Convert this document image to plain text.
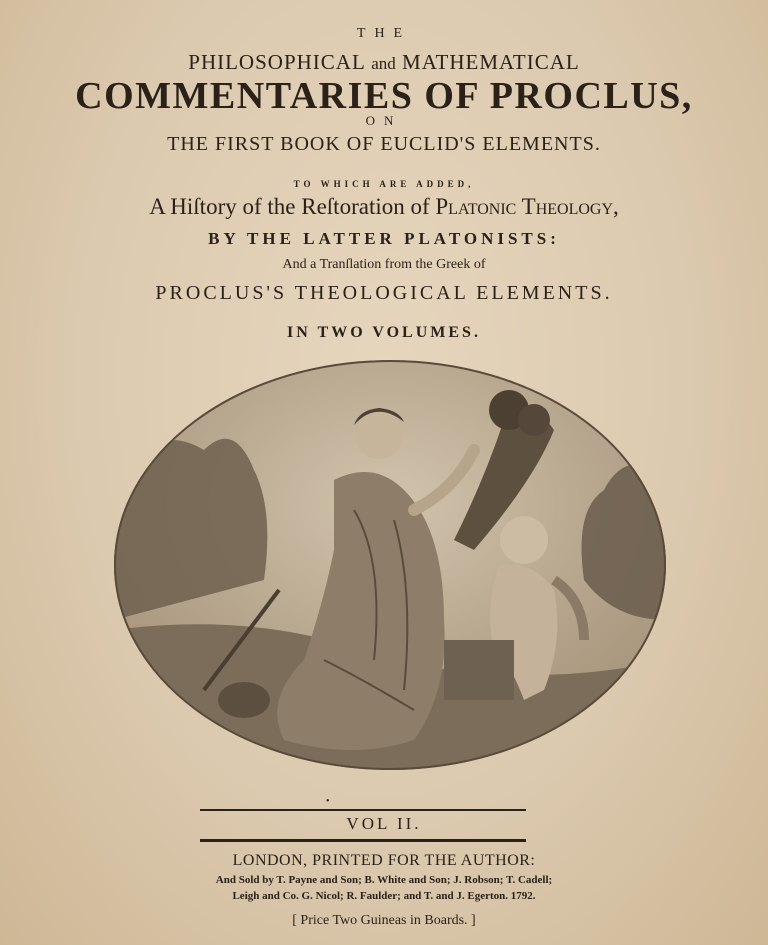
THE
PHILOSOPHICAL and MATHEMATICAL
COMMENTARIES OF PROCLUS,
ON
THE FIRST BOOK OF EUCLID'S ELEMENTS.
TO WHICH ARE ADDED,
A Hiſtory of the Reſtoration of Platonic Theology,
BY THE LATTER PLATONISTS:
And a Tranſlation from the Greek of
PROCLUS'S THEOLOGICAL ELEMENTS.
IN TWO VOLUMES.
•
VOL II.
LONDON, PRINTED FOR THE AUTHOR:
And Sold by T. Payne and Son; B. White and Son; J. Robson; T. Cadell;
Leigh and Co. G. Nicol; R. Faulder; and T. and J. Egerton. 1792.
[ Price Two Guineas in Boards. ]
